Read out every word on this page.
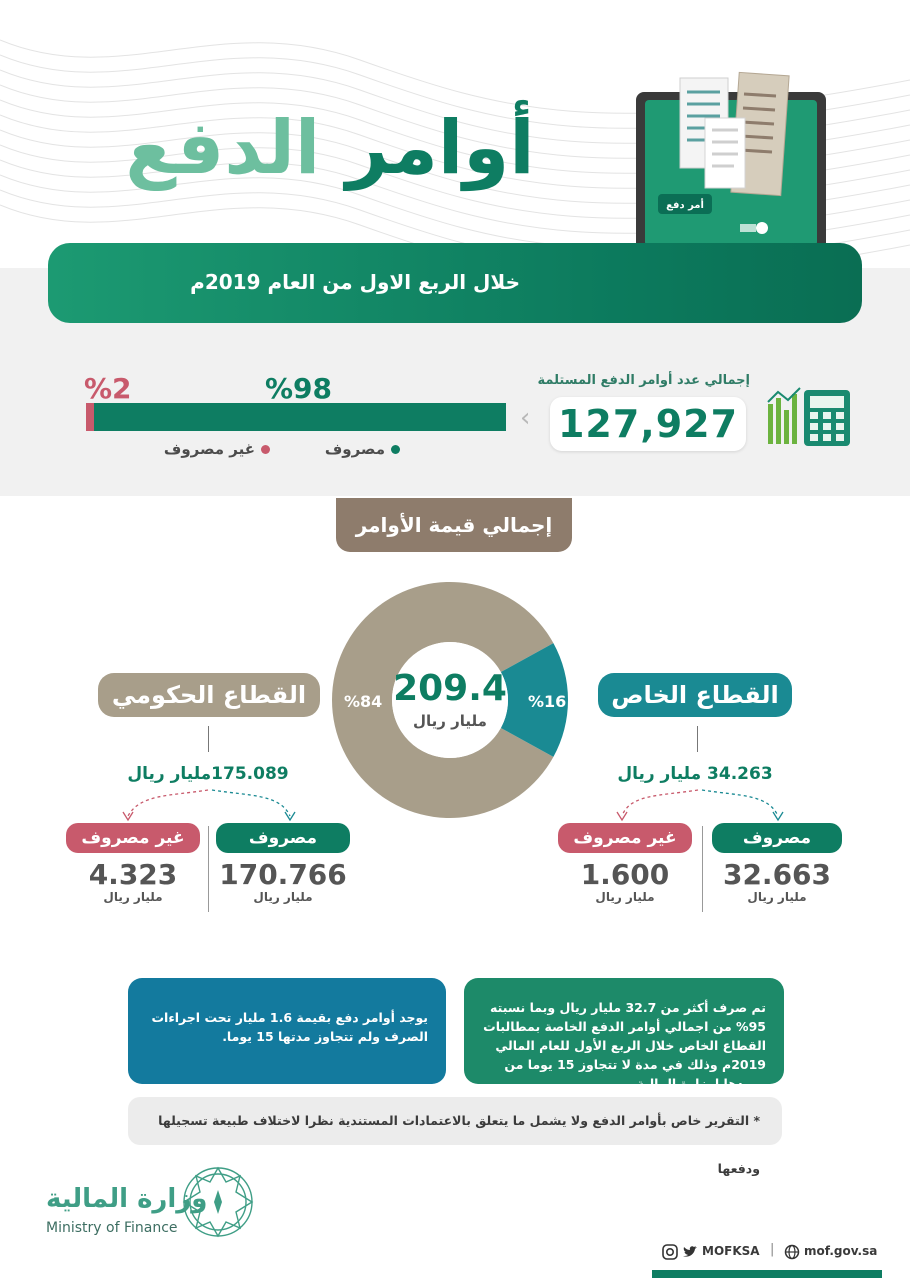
أمر دفع
أوامر الدفع
خلال الربع الاول من العام 2019م
إجمالي عدد أوامر الدفع المستلمة
127,927
‹
%98
%2
مصروف
غير مصروف
إجمالي قيمة الأوامر
209.4
مليار ريال
%84	%16
القطاع الحكومي
175.089مليار ريال
مصروف
غير مصروف
170.766
مليار ريال
4.323
مليار ريال
القطاع الخاص
34.263 مليار ريال
مصروف
غير مصروف
32.663
مليار ريال
1.600
مليار ريال
تم صرف أكثر من 32.7 مليار ريال وبما نسبته 95% من اجمالي أوامر الدفع الخاصة بمطالبات القطاع الخاص خلال الربع الأول للعام المالي 2019م وذلك في مدة لا تتجاوز 15 يوما من ورودها لوزارة المالية.
يوجد أوامر دفع بقيمة 1.6 مليار تحت اجراءات الصرف ولم تتجاوز مدتها 15 يوما.
* التقرير خاص بأوامر الدفع ولا يشمل ما يتعلق بالاعتمادات المستندية نظرا لاختلاف طبيعة تسجيلها ودفعها
وزارة المالية
Ministry of Finance
MOFKSA | mof.gov.sa
